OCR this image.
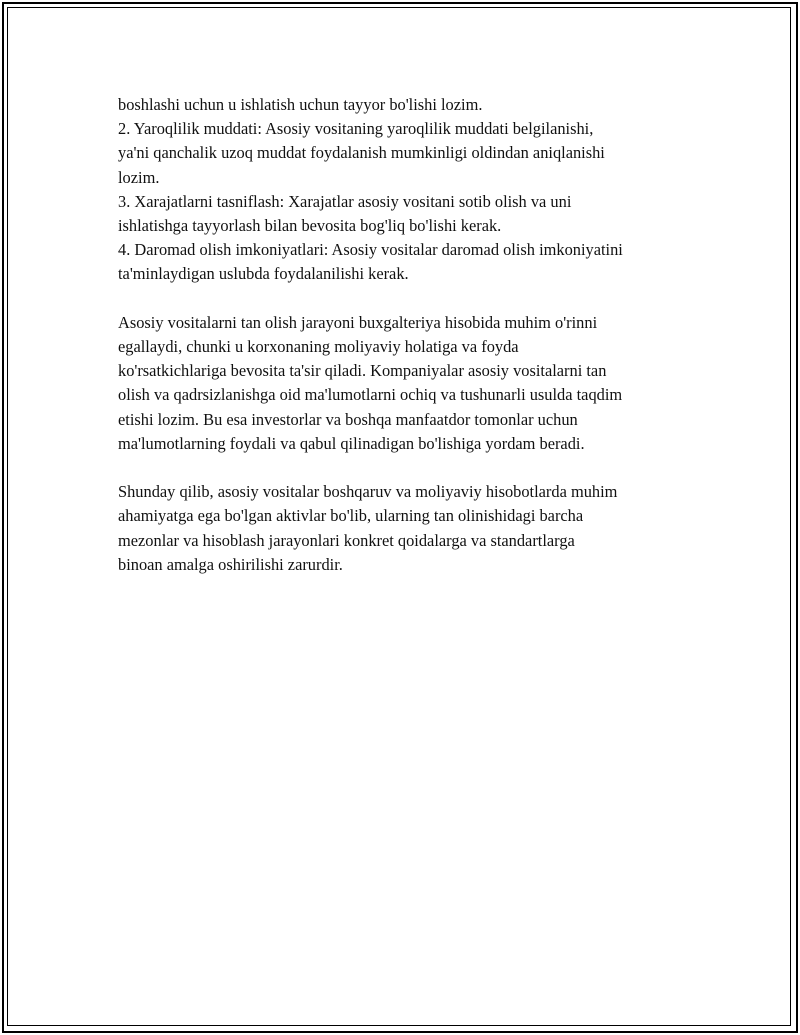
boshlashi uchun u ishlatish uchun tayyor bo'lishi lozim.

2. Yaroqlilik muddati: Asosiy vositaning yaroqlilik muddati belgilanishi,

ya'ni qanchalik uzoq muddat foydalanish mumkinligi oldindan aniqlanishi

lozim.

3. Xarajatlarni tasniflash: Xarajatlar asosiy vositani sotib olish va uni

ishlatishga tayyorlash bilan bevosita bog'liq bo'lishi kerak.

4. Daromad olish imkoniyatlari: Asosiy vositalar daromad olish imkoniyatini

ta'minlaydigan uslubda foydalanilishi kerak.

Asosiy vositalarni tan olish jarayoni buxgalteriya hisobida muhim o'rinni

egallaydi, chunki u korxonaning moliyaviy holatiga va foyda

ko'rsatkichlariga bevosita ta'sir qiladi. Kompaniyalar asosiy vositalarni tan

olish va qadrsizlanishga oid ma'lumotlarni ochiq va tushunarli usulda taqdim

etishi lozim. Bu esa investorlar va boshqa manfaatdor tomonlar uchun

ma'lumotlarning foydali va qabul qilinadigan bo'lishiga yordam beradi.

Shunday qilib, asosiy vositalar boshqaruv va moliyaviy hisobotlarda muhim

ahamiyatga ega bo'lgan aktivlar bo'lib, ularning tan olinishidagi barcha

mezonlar va hisoblash jarayonlari konkret qoidalarga va standartlarga

binoan amalga oshirilishi zarurdir.
